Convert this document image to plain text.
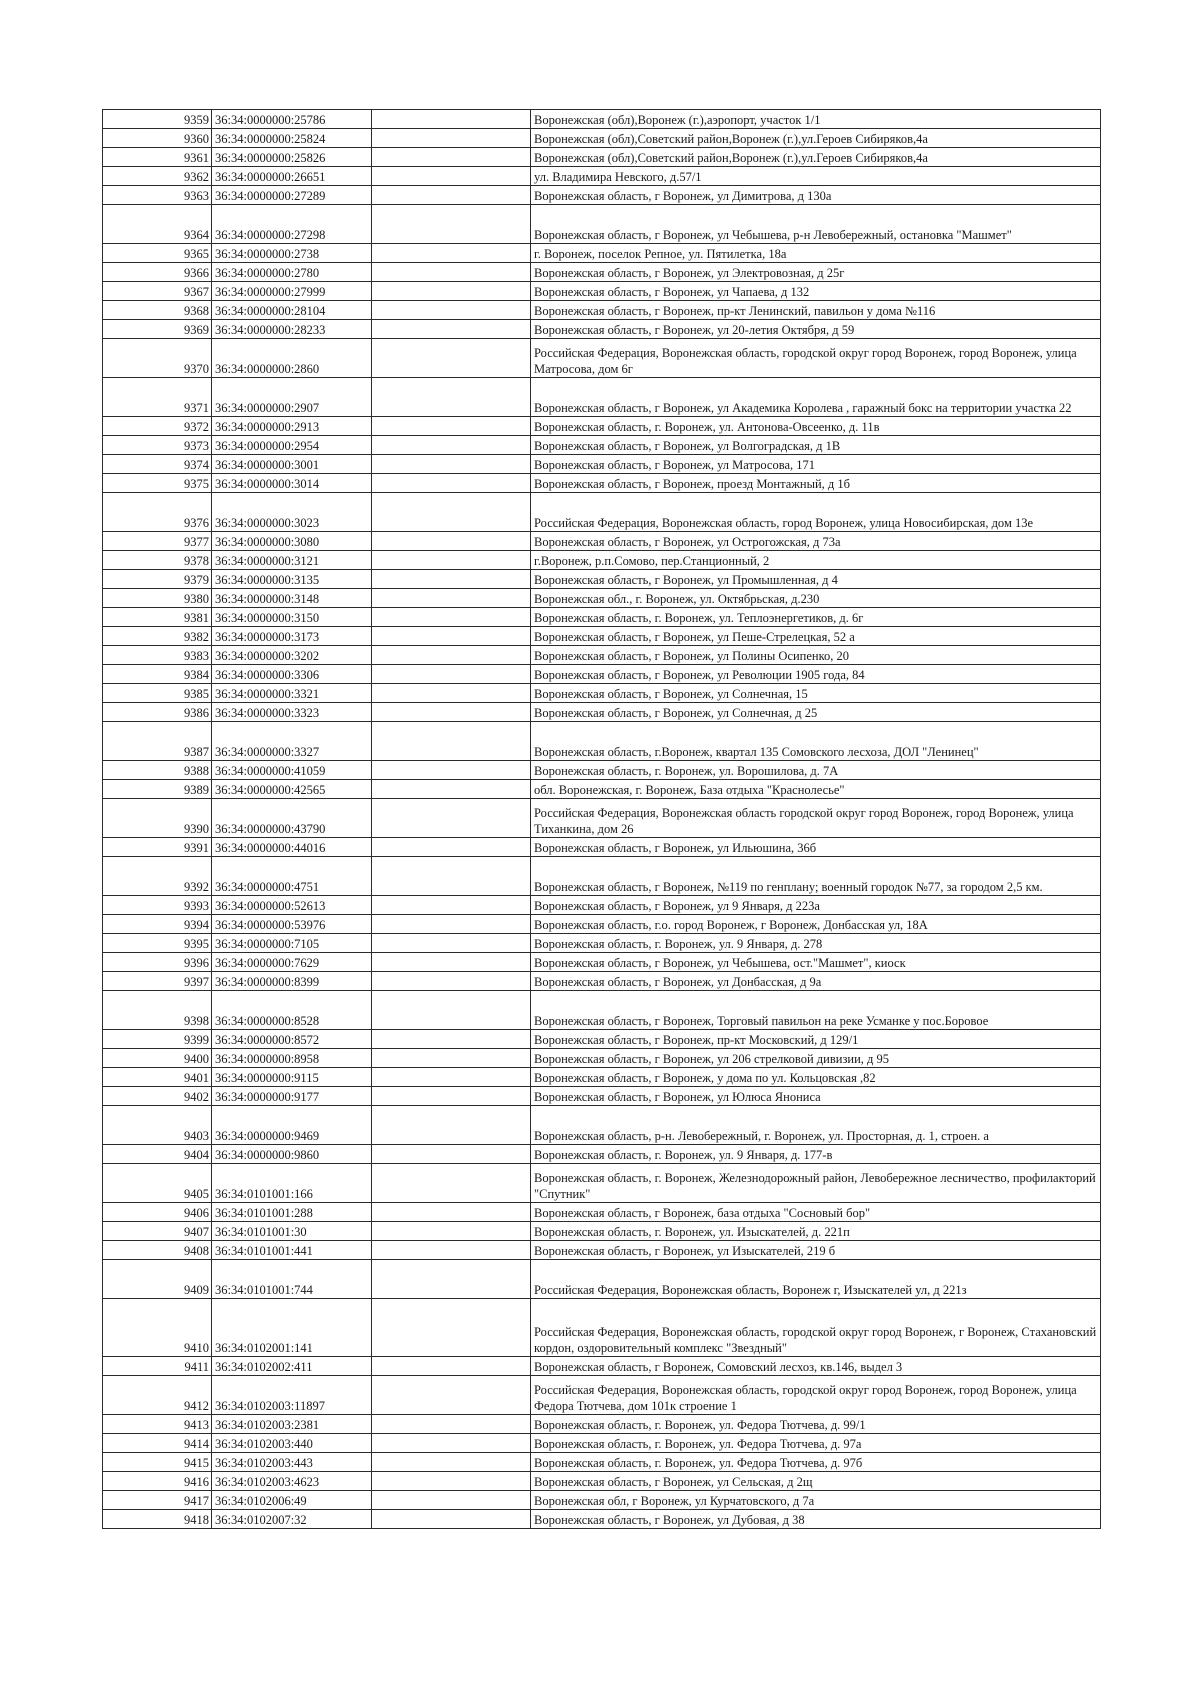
9359	36:34:0000000:25786		Воронежская (обл),Воронеж (г.),аэропорт, участок 1/1
9360	36:34:0000000:25824		Воронежская (обл),Советский район,Воронеж (г.),ул.Героев Сибиряков,4а
9361	36:34:0000000:25826		Воронежская (обл),Советский район,Воронеж (г.),ул.Героев Сибиряков,4а
9362	36:34:0000000:26651		ул. Владимира Невского, д.57/1
9363	36:34:0000000:27289		Воронежская область, г Воронеж, ул Димитрова, д 130а
9364	36:34:0000000:27298		Воронежская область, г Воронеж, ул Чебышева, р-н Левобережный, остановка "Машмет"
9365	36:34:0000000:2738		г. Воронеж, поселок Репное, ул. Пятилетка, 18а
9366	36:34:0000000:2780		Воронежская область, г Воронеж, ул Электровозная, д 25г
9367	36:34:0000000:27999		Воронежская область, г Воронеж, ул Чапаева, д 132
9368	36:34:0000000:28104		Воронежская область, г Воронеж, пр-кт Ленинский, павильон у дома №116
9369	36:34:0000000:28233		Воронежская область, г Воронеж, ул 20-летия Октября, д 59
9370	36:34:0000000:2860		Российская Федерация, Воронежская область, городской округ город Воронеж, город Воронеж, улица Матросова, дом 6г
9371	36:34:0000000:2907		Воронежская область, г Воронеж, ул Академика Королева , гаражный бокс на территории участка 22
9372	36:34:0000000:2913		Воронежская область, г. Воронеж, ул. Антонова-Овсеенко, д. 11в
9373	36:34:0000000:2954		Воронежская область, г Воронеж, ул Волгоградская, д 1В
9374	36:34:0000000:3001		Воронежская область, г Воронеж, ул Матросова, 171
9375	36:34:0000000:3014		Воронежская область, г Воронеж, проезд Монтажный, д 1б
9376	36:34:0000000:3023		Российская Федерация, Воронежская область, город Воронеж, улица Новосибирская, дом 13е
9377	36:34:0000000:3080		Воронежская область, г Воронеж, ул Острогожская, д 73а
9378	36:34:0000000:3121		г.Воронеж, р.п.Сомово, пер.Станционный, 2
9379	36:34:0000000:3135		Воронежская область, г Воронеж, ул Промышленная, д 4
9380	36:34:0000000:3148		Воронежская обл., г. Воронеж, ул. Октябрьская, д.230
9381	36:34:0000000:3150		Воронежская область, г. Воронеж, ул. Теплоэнергетиков, д. 6г
9382	36:34:0000000:3173		Воронежская область, г Воронеж, ул Пеше-Стрелецкая, 52 а
9383	36:34:0000000:3202		Воронежская область, г Воронеж, ул Полины Осипенко, 20
9384	36:34:0000000:3306		Воронежская область, г Воронеж, ул Революции 1905 года, 84
9385	36:34:0000000:3321		Воронежская область, г Воронеж, ул Солнечная, 15
9386	36:34:0000000:3323		Воронежская область, г Воронеж, ул Солнечная, д 25
9387	36:34:0000000:3327		Воронежская область, г.Воронеж, квартал 135 Сомовского лесхоза, ДОЛ "Ленинец"
9388	36:34:0000000:41059		Воронежская область, г. Воронеж, ул. Ворошилова, д. 7А
9389	36:34:0000000:42565		обл. Воронежская, г. Воронеж, База отдыха "Краснолесье"
9390	36:34:0000000:43790		Российская Федерация, Воронежская область городской округ город Воронеж, город Воронеж, улица Тиханкина, дом 26
9391	36:34:0000000:44016		Воронежская область, г Воронеж, ул Ильюшина, 36б
9392	36:34:0000000:4751		Воронежская область, г Воронеж, №119 по генплану; военный городок №77, за городом 2,5 км.
9393	36:34:0000000:52613		Воронежская область, г Воронеж, ул 9 Января, д 223а
9394	36:34:0000000:53976		Воронежская область, г.о. город Воронеж, г Воронеж, Донбасская ул, 18А
9395	36:34:0000000:7105		Воронежская область, г. Воронеж, ул. 9 Января, д. 278
9396	36:34:0000000:7629		Воронежская область, г Воронеж, ул Чебышева, ост."Машмет", киоск
9397	36:34:0000000:8399		Воронежская область, г Воронеж, ул Донбасская, д 9а
9398	36:34:0000000:8528		Воронежская область, г Воронеж, Торговый павильон на реке Усманке у пос.Боровое
9399	36:34:0000000:8572		Воронежская область, г Воронеж, пр-кт Московский, д 129/1
9400	36:34:0000000:8958		Воронежская область, г Воронеж, ул 206 стрелковой дивизии, д 95
9401	36:34:0000000:9115		Воронежская область, г Воронеж, у дома по ул. Кольцовская ,82
9402	36:34:0000000:9177		Воронежская область, г Воронеж, ул Юлюса Янониса
9403	36:34:0000000:9469		Воронежская область, р-н. Левобережный, г. Воронеж, ул. Просторная, д. 1, строен. а
9404	36:34:0000000:9860		Воронежская область, г. Воронеж, ул. 9 Января, д. 177-в
9405	36:34:0101001:166		Воронежская область, г. Воронеж, Железнодорожный район, Левобережное лесничество, профилакторий "Спутник"
9406	36:34:0101001:288		Воронежская область, г Воронеж, база отдыха "Сосновый бор"
9407	36:34:0101001:30		Воронежская область, г. Воронеж, ул. Изыскателей, д. 221п
9408	36:34:0101001:441		Воронежская область, г Воронеж, ул Изыскателей, 219 б
9409	36:34:0101001:744		Российская Федерация, Воронежская область, Воронеж г, Изыскателей ул, д 221з
9410	36:34:0102001:141		Российская Федерация, Воронежская область, городской округ город Воронеж, г Воронеж, Стахановский кордон, оздоровительный комплекс "Звездный"
9411	36:34:0102002:411		Воронежская область, г Воронеж, Сомовский лесхоз, кв.146, выдел 3
9412	36:34:0102003:11897		Российская Федерация, Воронежская область, городской округ город Воронеж, город Воронеж, улица Федора Тютчева, дом 101к строение 1
9413	36:34:0102003:2381		Воронежская область, г. Воронеж, ул. Федора Тютчева, д. 99/1
9414	36:34:0102003:440		Воронежская область, г. Воронеж, ул. Федора Тютчева, д. 97а
9415	36:34:0102003:443		Воронежская область, г. Воронеж, ул. Федора Тютчева, д. 97б
9416	36:34:0102003:4623		Воронежская область, г Воронеж, ул Сельская, д 2щ
9417	36:34:0102006:49		Воронежская обл, г Воронеж, ул Курчатовского, д 7а
9418	36:34:0102007:32		Воронежская область, г Воронеж, ул Дубовая, д 38
